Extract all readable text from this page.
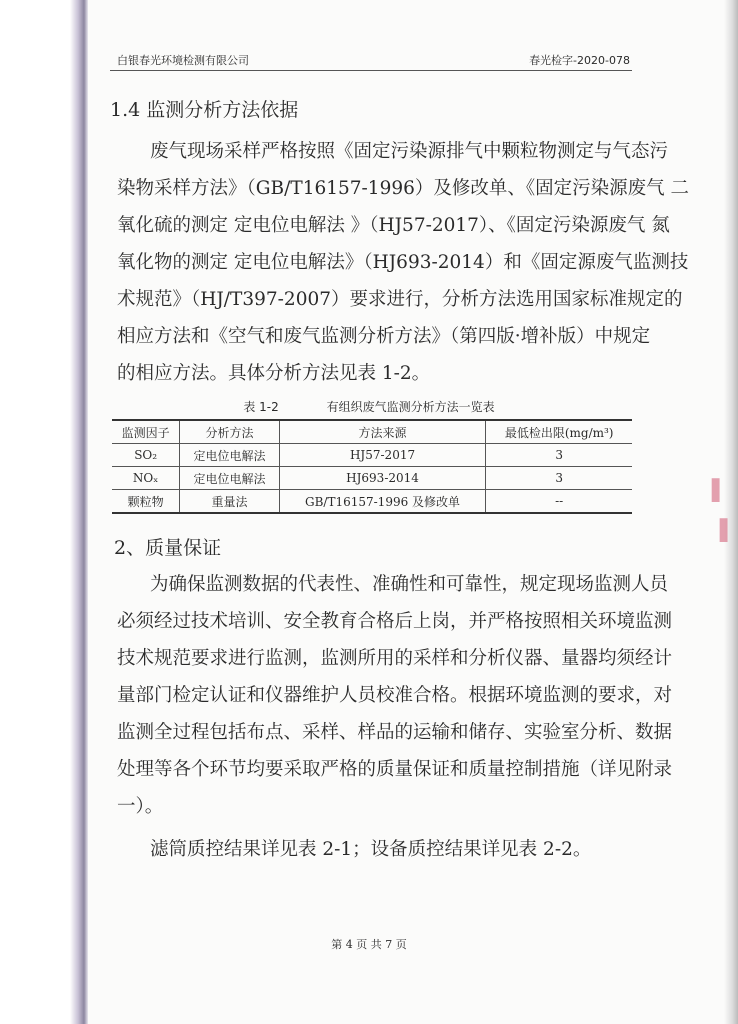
白银春光环境检测有限公司	春光检字-2020-078
1.4 监测分析方法依据
废气现场采样严格按照《固定污染源排气中颗粒物测定与气态污
染物采样方法》（GB/T16157-1996）及修改单、《固定污染源废气 二
氧化硫的测定 定电位电解法 》（HJ57-2017）、《固定污染源废气 氮
氧化物的测定 定电位电解法》（HJ693-2014）和《固定源废气监测技
术规范》（HJ/T397-2007）要求进行，分析方法选用国家标准规定的
相应方法和《空气和废气监测分析方法》（第四版·增补版）中规定
的相应方法。具体分析方法见表 1-2。
表 1-2	有组织废气监测分析方法一览表
监测因子	分析方法	方法来源	最低检出限(mg/m³)
SO₂	定电位电解法	HJ57-2017	3
NOₓ	定电位电解法	HJ693-2014	3
颗粒物	重量法	GB/T16157-1996 及修改单	--
2、质量保证
为确保监测数据的代表性、准确性和可靠性，规定现场监测人员
必须经过技术培训、安全教育合格后上岗，并严格按照相关环境监测
技术规范要求进行监测，监测所用的采样和分析仪器、量器均须经计
量部门检定认证和仪器维护人员校准合格。根据环境监测的要求，对
监测全过程包括布点、采样、样品的运输和储存、实验室分析、数据
处理等各个环节均要采取严格的质量保证和质量控制措施（详见附录
一）。
滤筒质控结果详见表 2-1；设备质控结果详见表 2-2。
▌
▐
第 4 页 共 7 页
